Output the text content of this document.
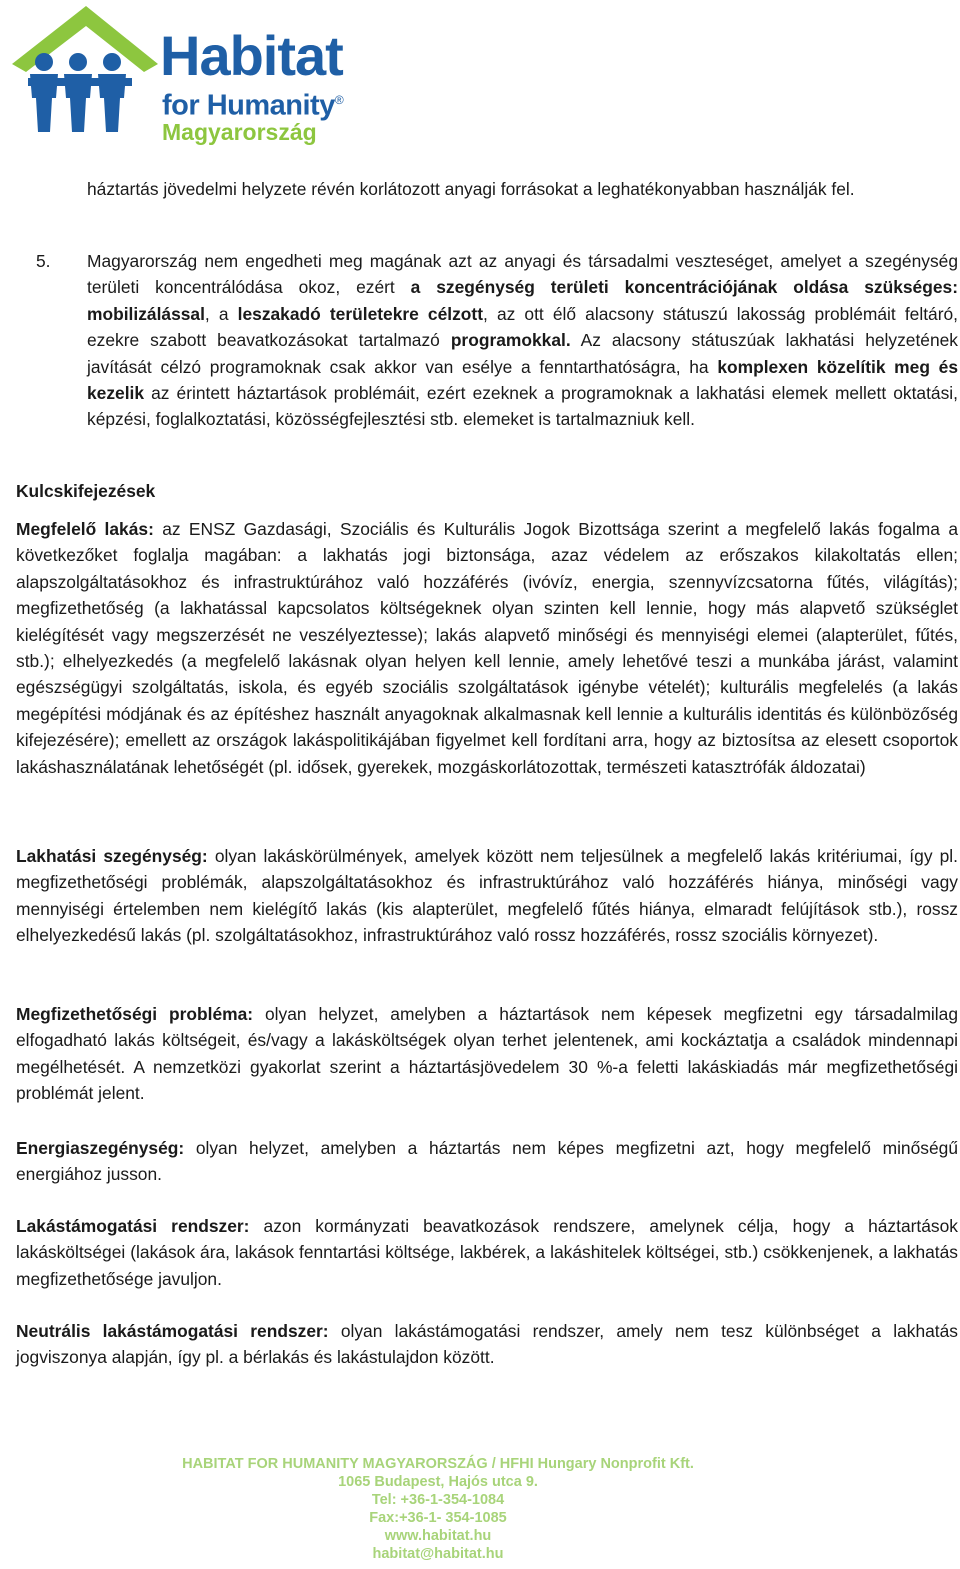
Habitat
for Humanity®
Magyarország

háztartás jövedelmi helyzete révén korlátozott anyagi forrásokat a leghatékonyabban használják fel.

5. Magyarország nem engedheti meg magának azt az anyagi és társadalmi veszteséget, amelyet a szegénység területi koncentrálódása okoz, ezért a szegénység területi koncentrációjának oldása szükséges: mobilizálással, a leszakadó területekre célzott, az ott élő alacsony státuszú lakosság problémáit feltáró, ezekre szabott beavatkozásokat tartalmazó programokkal. Az alacsony státuszúak lakhatási helyzetének javítását célzó programoknak csak akkor van esélye a fenntarthatóságra, ha komplexen közelítik meg és kezelik az érintett háztartások problémáit, ezért ezeknek a programoknak a lakhatási elemek mellett oktatási, képzési, foglalkoztatási, közösségfejlesztési stb. elemeket is tartalmazniuk kell.

Kulcskifejezések

Megfelelő lakás: az ENSZ Gazdasági, Szociális és Kulturális Jogok Bizottsága szerint a megfelelő lakás fogalma a következőket foglalja magában: a lakhatás jogi biztonsága, azaz védelem az erőszakos kilakoltatás ellen; alapszolgáltatásokhoz és infrastruktúrához való hozzáférés (ivóvíz, energia, szennyvízcsatorna fűtés, világítás); megfizethetőség (a lakhatással kapcsolatos költségeknek olyan szinten kell lennie, hogy más alapvető szükséglet kielégítését vagy megszerzését ne veszélyeztesse); lakás alapvető minőségi és mennyiségi elemei (alapterület, fűtés, stb.); elhelyezkedés (a megfelelő lakásnak olyan helyen kell lennie, amely lehetővé teszi a munkába járást, valamint egészségügyi szolgáltatás, iskola, és egyéb szociális szolgáltatások igénybe vételét); kulturális megfelelés (a lakás megépítési módjának és az építéshez használt anyagoknak alkalmasnak kell lennie a kulturális identitás és különbözőség kifejezésére); emellett az országok lakáspolitikájában figyelmet kell fordítani arra, hogy az biztosítsa az elesett csoportok lakáshasználatának lehetőségét (pl. idősek, gyerekek, mozgáskorlátozottak, természeti katasztrófák áldozatai)

Lakhatási szegénység: olyan lakáskörülmények, amelyek között nem teljesülnek a megfelelő lakás kritériumai, így pl. megfizethetőségi problémák, alapszolgáltatásokhoz és infrastruktúrához való hozzáférés hiánya, minőségi vagy mennyiségi értelemben nem kielégítő lakás (kis alapterület, megfelelő fűtés hiánya, elmaradt felújítások stb.), rossz elhelyezkedésű lakás (pl. szolgáltatásokhoz, infrastruktúrához való rossz hozzáférés, rossz szociális környezet).

Megfizethetőségi probléma: olyan helyzet, amelyben a háztartások nem képesek megfizetni egy társadalmilag elfogadható lakás költségeit, és/vagy a lakásköltségek olyan terhet jelentenek, ami kockáztatja a családok mindennapi megélhetését. A nemzetközi gyakorlat szerint a háztartásjövedelem 30 %-a feletti lakáskiadás már megfizethetőségi problémát jelent.

Energiaszegénység: olyan helyzet, amelyben a háztartás nem képes megfizetni azt, hogy megfelelő minőségű energiához jusson.

Lakástámogatási rendszer: azon kormányzati beavatkozások rendszere, amelynek célja, hogy a háztartások lakásköltségei (lakások ára, lakások fenntartási költsége, lakbérek, a lakáshitelek költségei, stb.) csökkenjenek, a lakhatás megfizethetősége javuljon.

Neutrális lakástámogatási rendszer: olyan lakástámogatási rendszer, amely nem tesz különbséget a lakhatás jogviszonya alapján, így pl. a bérlakás és lakástulajdon között.

HABITAT FOR HUMANITY MAGYARORSZÁG / HFHI Hungary Nonprofit Kft.
1065 Budapest, Hajós utca 9.
Tel: +36-1-354-1084
Fax:+36-1- 354-1085
www.habitat.hu
habitat@habitat.hu
